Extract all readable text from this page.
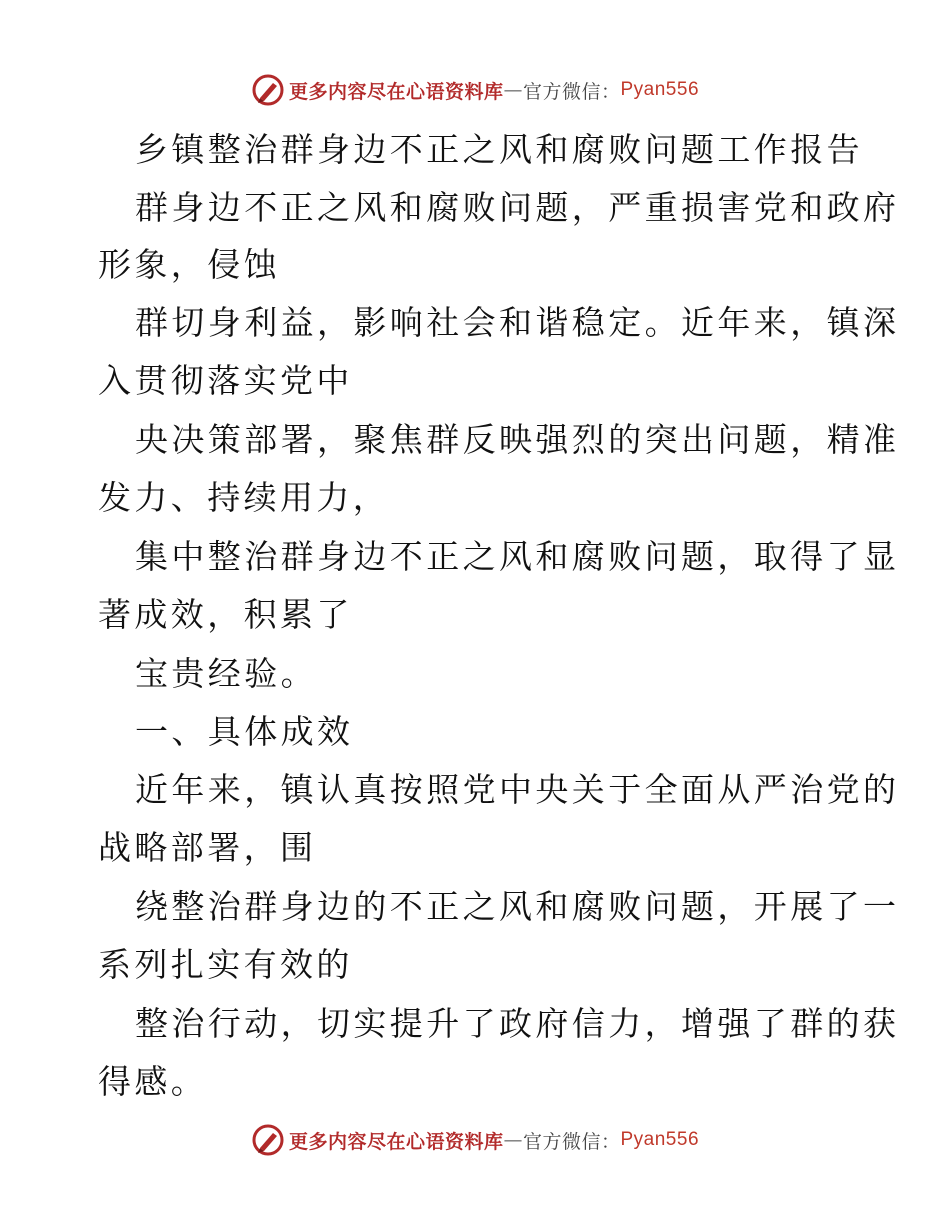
更多内容尽在心语资料库 — 官方微信： Pyan556
乡镇整治群身边不正之风和腐败问题工作报告
群身边不正之风和腐败问题，严重损害党和政府
形象，侵蚀
群切身利益，影响社会和谐稳定。近年来，镇深
入贯彻落实党中
央决策部署，聚焦群反映强烈的突出问题，精准
发力、持续用力，
集中整治群身边不正之风和腐败问题，取得了显
著成效，积累了
宝贵经验。
一、具体成效
近年来，镇认真按照党中央关于全面从严治党的
战略部署，围
绕整治群身边的不正之风和腐败问题，开展了一
系列扎实有效的
整治行动，切实提升了政府信力，增强了群的获
得感。
更多内容尽在心语资料库 — 官方微信： Pyan556
